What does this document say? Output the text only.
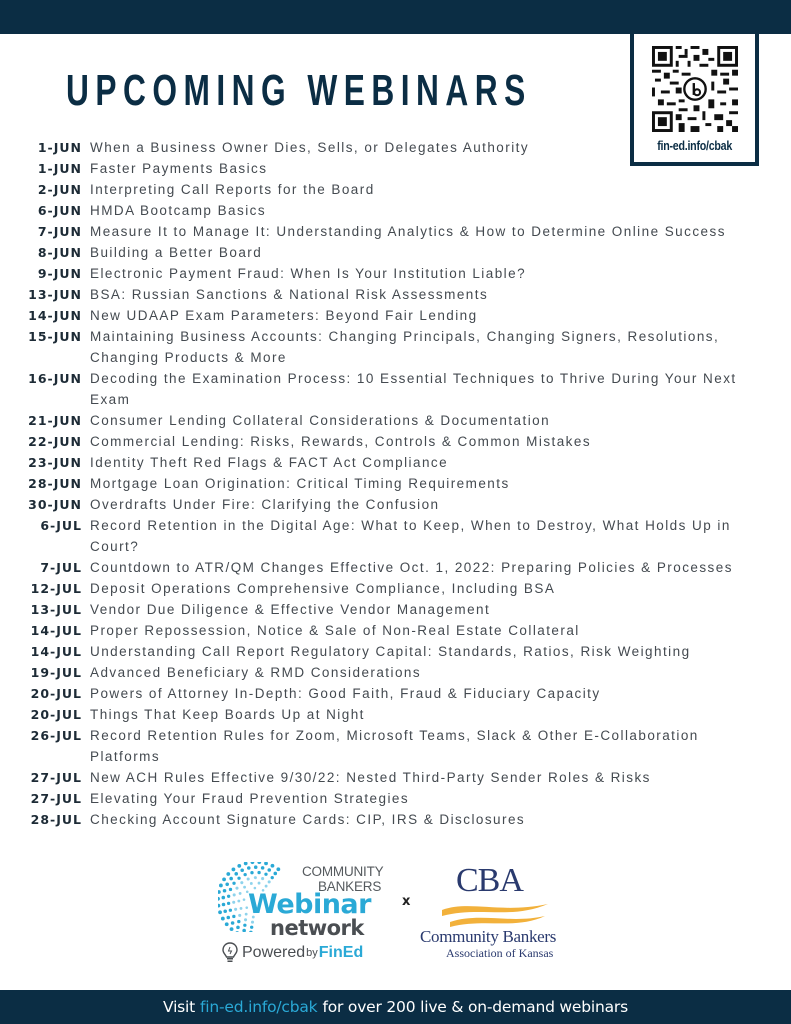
fin-ed.info/cbak
UPCOMING WEBINARS
1-JUN When a Business Owner Dies, Sells, or Delegates Authority
1-JUN Faster Payments Basics
2-JUN Interpreting Call Reports for the Board
6-JUN HMDA Bootcamp Basics
7-JUN Measure It to Manage It: Understanding Analytics & How to Determine Online Success
8-JUN Building a Better Board
9-JUN Electronic Payment Fraud: When Is Your Institution Liable?
13-JUN BSA: Russian Sanctions & National Risk Assessments
14-JUN New UDAAP Exam Parameters: Beyond Fair Lending
15-JUN Maintaining Business Accounts: Changing Principals, Changing Signers, Resolutions, Changing Products & More
16-JUN Decoding the Examination Process: 10 Essential Techniques to Thrive During Your Next Exam
21-JUN Consumer Lending Collateral Considerations & Documentation
22-JUN Commercial Lending: Risks, Rewards, Controls & Common Mistakes
23-JUN Identity Theft Red Flags & FACT Act Compliance
28-JUN Mortgage Loan Origination: Critical Timing Requirements
30-JUN Overdrafts Under Fire: Clarifying the Confusion
6-JUL Record Retention in the Digital Age: What to Keep, When to Destroy, What Holds Up in Court?
7-JUL Countdown to ATR/QM Changes Effective Oct. 1, 2022: Preparing Policies & Processes
12-JUL Deposit Operations Comprehensive Compliance, Including BSA
13-JUL Vendor Due Diligence & Effective Vendor Management
14-JUL Proper Repossession, Notice & Sale of Non-Real Estate Collateral
14-JUL Understanding Call Report Regulatory Capital: Standards, Ratios, Risk Weighting
19-JUL Advanced Beneficiary & RMD Considerations
20-JUL Powers of Attorney In-Depth: Good Faith, Fraud & Fiduciary Capacity
20-JUL Things That Keep Boards Up at Night
26-JUL Record Retention Rules for Zoom, Microsoft Teams, Slack & Other E-Collaboration Platforms
27-JUL New ACH Rules Effective 9/30/22: Nested Third-Party Sender Roles & Risks
27-JUL Elevating Your Fraud Prevention Strategies
28-JUL Checking Account Signature Cards: CIP, IRS & Disclosures
COMMUNITY
BANKERS
Webinar
network
Powered by FinEd
x
CBA
Community Bankers
Association of Kansas
Visit fin-ed.info/cbak for over 200 live & on-demand webinars
